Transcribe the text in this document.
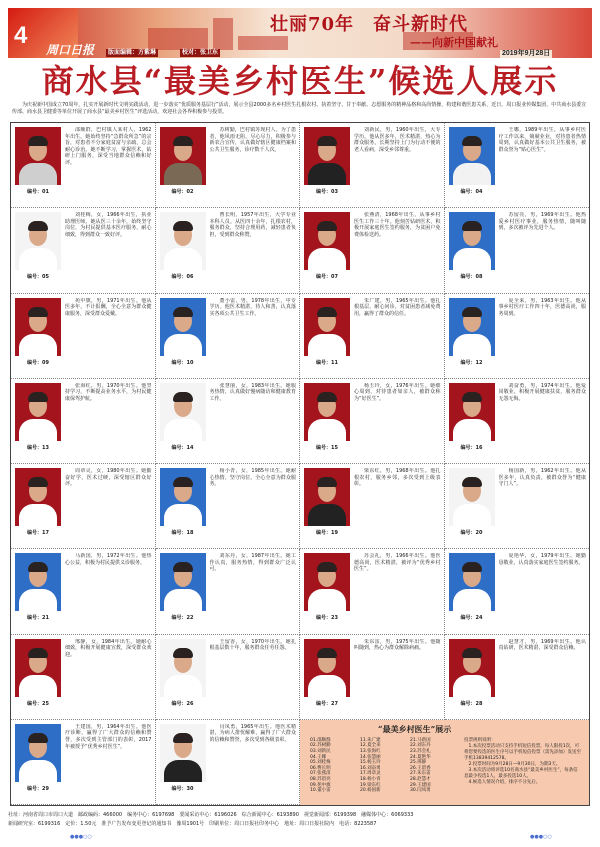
4
周口日报	版面编辑：方紫琳	校对：张卫东
壮丽70年　奋斗新时代
——向新中国献礼
2019年9月28日
商水县“最美乡村医生”候选人展示

为庆祝新中国成立70周年，扎实开展新时代文明实践活动，进一步落实“优质服务基层行”活动，展示全县2000多名乡村医生扎根农村、执着坚守、甘于奉献、志愿服务的精神品格和高尚情操，构建和谐医患关系，近日，周口报业传媒集团、中共商水县委宣传部、商水县卫健委等单位开展了商水县“最美乡村医生”评选活动，欢迎社会各界积极参与投票。

编号：01
邵顺群，巴村镇人某村人，1962年出生。她始终坚持“急群众所急”的宗旨，对患者不分家庭贫富与亲疏，总会耐心诊治。她不断学习，掌握医术，钻研上门服务，深受当地群众信赖和好评。
编号：02
苏树勤，巴村镇苏现村人。为了患者，他风雨无阻，尽心尽力，积极参与新农合宣传，认真做好辖区健康档案和公共卫生服务，诊疗数千人次。
编号：03
刘新民，男，1960年出生，大专学历。他从医多年，医术精湛，热心为群众服务，长期坚持上门为行动不便的老人看病，深受乡邻尊重。
编号：04
王娜，1989年出生，从事乡村医疗工作以来，兢兢业业，对待患者热情周到，认真做好基本公共卫生服务，被群众誉为“贴心医生”。
编号：05
刘桂梅，女，1966年出生，执业助理医师。她从医三十余年，始终坚守岗位，为村民提供基本医疗服务，耐心细致，得到群众一致好评。
编号：06
曹长明，1957年出生，大学专业本科人员。从医四十余年，扎根农村，服务群众，坚持合理用药，减轻患者负担，受到群众称赞。
编号：07
张燕清，1968年出生，从事乡村医生工作三十年。他刻苦钻研医术，积极开展家庭医生签约服务，为贫困户免费体检送药。
编号：08
苏留亮，男，1969年出生。他热爱乡村医疗事业，服务热情，随叫随到，多次被评为先进个人。
编号：09
苑中旗，男，1971年出生。他从医多年，不计报酬，全心全意为群众健康服务，深受群众爱戴。
编号：10
董小雷，男，1978年出生，中专学历。他医术精湛，待人和善，认真落实各项公共卫生工作。
编号：11
朱广建，男，1965年出生。他扎根基层，耐心问诊，对贫困患者减免费用，赢得了群众的信任。
编号：12
夏全来，男，1963年出生。他从事乡村医疗工作四十年，医德高尚，服务周到。
编号：13
张海红，男，1970年出生。他坚持学习，不断提高业务水平，为村民健康保驾护航。
编号：14
张慧丽，女，1983年出生。她服务热情，认真做好慢病随访和健康教育工作。
编号：15
杨玉玲，女，1976年出生。她细心周到，对待患者如亲人，被群众称为“好医生”。
编号：16
刘奋勇，男，1974年出生。他爱岗敬业，积极开展健康扶贫，服务群众无怨无悔。
编号：17
周章灵，女，1980年出生。她勤奋好学，医术过硬，深受辖区群众好评。
编号：18
杨小青，女，1985年出生。她耐心热情，坚守岗位，全心全意为群众服务。
编号：19
梁东红，男，1968年出生。他扎根农村，服务乡邻，多次受到上级表彰。
编号：20
杨国新，男，1962年出生。他从医多年，认真负责，被群众誉为“健康守门人”。
编号：21
马新国，男，1972年出生。他热心公益，积极为村民提供义诊服务。
编号：22
刘东丹，女，1987年出生。她工作认真，服务热情，得到群众广泛认可。
编号：23
苏会礼，男，1966年出生。他医德高尚，医术精湛，被评为“优秀乡村医生”。
编号：24
夏艳华，女，1979年出生。她勤恳敬业，认真落实家庭医生签约服务。
编号：25
邢静，女，1984年出生。她耐心细致，积极开展健康宣教，深受群众欢迎。
编号：26
王留香，女，1970年出生。她扎根基层数十年，服务群众任劳任怨。
编号：27
朱东雷，男，1975年出生。他随叫随到，热心为群众解除病痛。
编号：28
赵慧才，男，1969年出生。他认真钻研，医术精湛，深受群众信赖。
编号：29
王建国，男，1964年出生。他医疗诊断，赢得了广大群众的信赖和赞誉，多次受到主管部门的表彰，2017年被授予“优秀乡村医生”。
编号：30
闫凤勇，1965年出生。他医术精湛，为病人排忧解难，赢得了广大群众的信赖和赞誉，多次受到各级表彰。
“最美乡村医生”展示
01.邵顺群
02.苏树勤
03.刘新民
04.王娜
05.刘桂梅
06.曹长明
07.张燕清
08.苏留亮
09.苑中旗
10.董小雷
11.朱广建
12.夏全来
13.张海红
14.张慧丽
15.杨玉玲
16.刘奋勇
17.周章灵
18.杨小青
19.梁东红
20.杨国新
21.马新国
22.刘东丹
23.苏会礼
24.夏艳华
25.邢静
26.王留香
27.朱东雷
28.赵慧才
29.王建国
30.闫凤勇
投票规则说明：

1.本次投票活动只支持手机短信投票，每人限投1次，可将您要投选的医生序号以手机短信投票（需先添加）发送至手机13839412578。

2.投票时间为9月28日—9月30日，为期3天。

3.本次活动将评选10名商水县“最美乡村医生”，每条信息最少投选1人，最多投选10人。

4.候选人情况介绍，排序不分先后。

社址：河南省周口市周口大道　邮政编码：466000　编务中心：6197698　要闻采访中心：6196026　综合新闻中心：6193890　视觉新闻部：6199398　融媒体中心：6069333
新闻研究室：6199316　定价：1.50元　准予广告发布变更登记的通知书　豫周1901号　印刷单位：周口日报社印务中心　地址：周口日报社院内　电话：8223587
●●●○○	●●●○○
